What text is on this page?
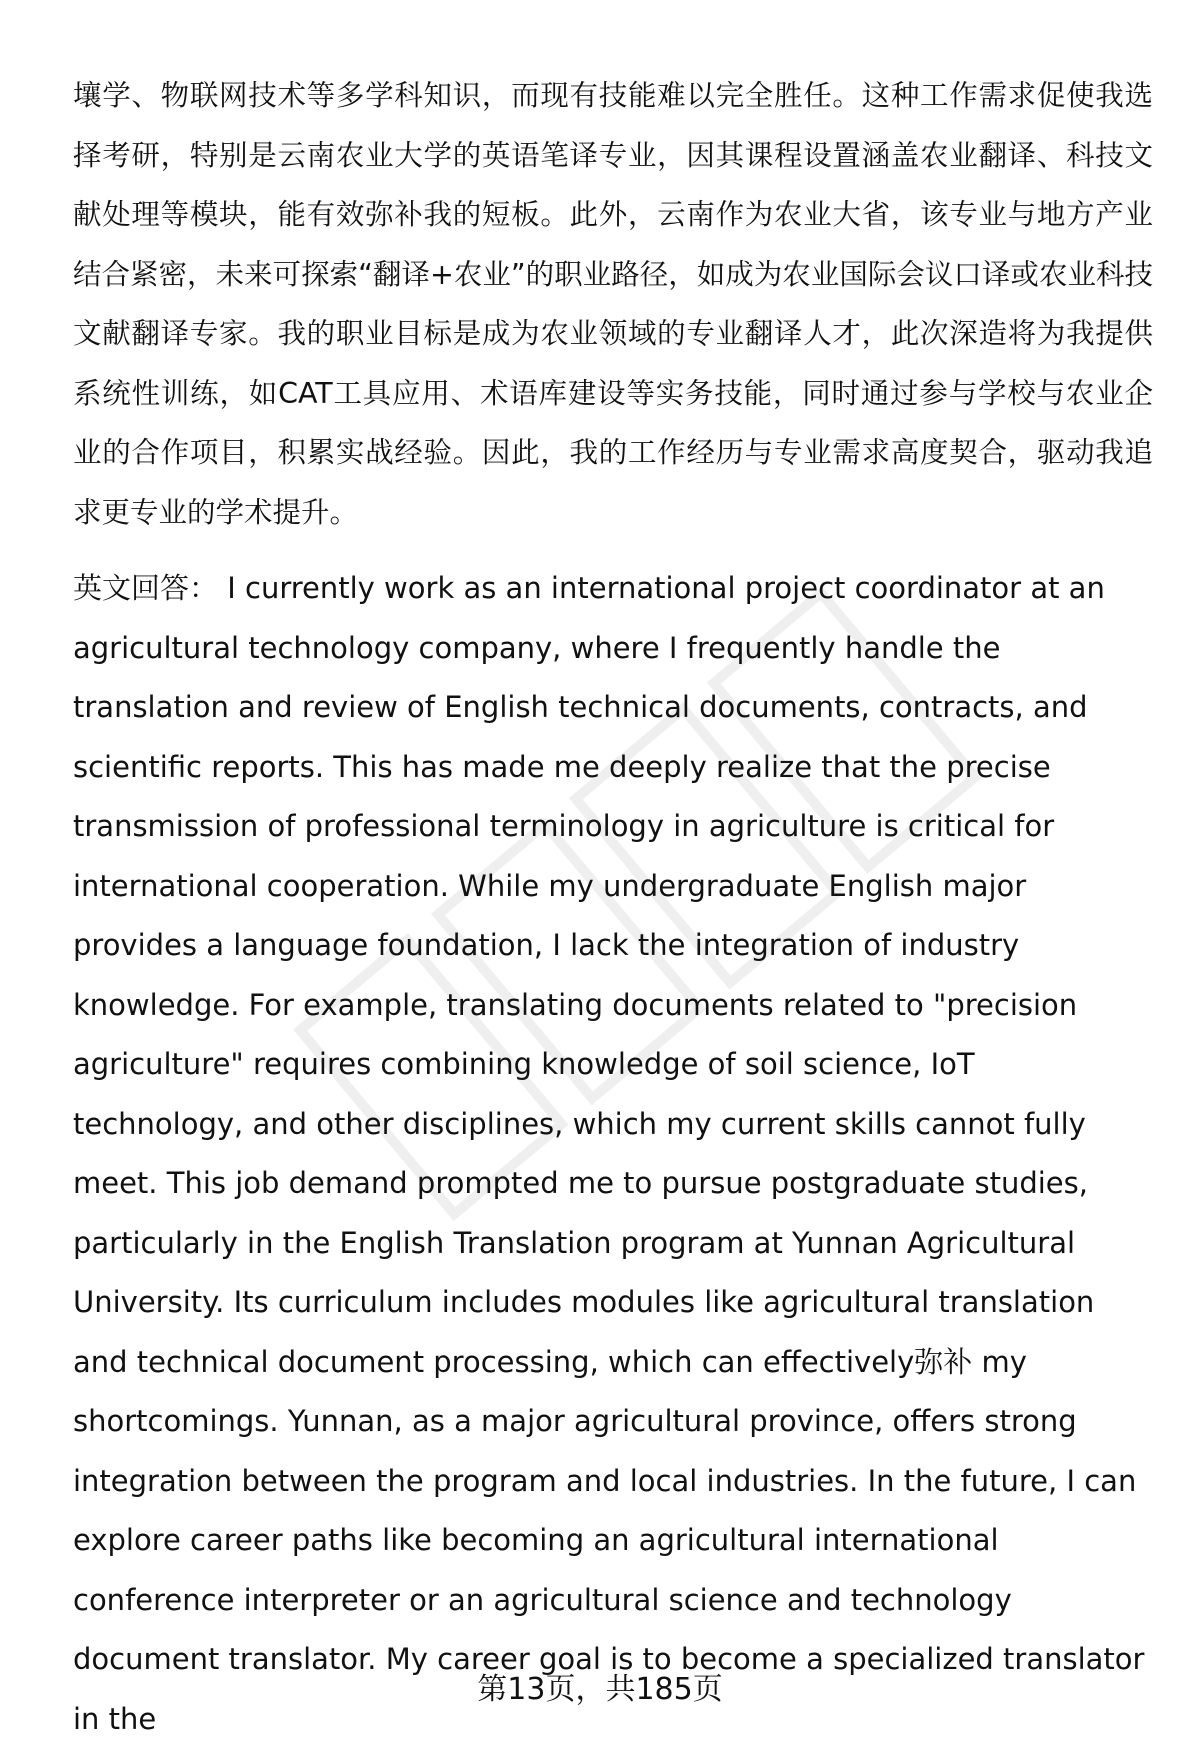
壤学、物联网技术等多学科知识，而现有技能难以完全胜任。这种工作需求促使我选择考研，特别是云南农业大学的英语笔译专业，因其课程设置涵盖农业翻译、科技文献处理等模块，能有效弥补我的短板。此外，云南作为农业大省，该专业与地方产业结合紧密，未来可探索“翻译+农业”的职业路径，如成为农业国际会议口译或农业科技文献翻译专家。我的职业目标是成为农业领域的专业翻译人才，此次深造将为我提供系统性训练，如CAT工具应用、术语库建设等实务技能，同时通过参与学校与农业企业的合作项目，积累实战经验。因此，我的工作经历与专业需求高度契合，驱动我追求更专业的学术提升。

英文回答： I currently work as an international project coordinator at an agricultural technology company, where I frequently handle the translation and review of English technical documents, contracts, and scientific reports. This has made me deeply realize that the precise transmission of professional terminology in agriculture is critical for international cooperation. While my undergraduate English major provides a language foundation, I lack the integration of industry knowledge. For example, translating documents related to "precision agriculture" requires combining knowledge of soil science, IoT technology, and other disciplines, which my current skills cannot fully meet. This job demand prompted me to pursue postgraduate studies, particularly in the English Translation program at Yunnan Agricultural University. Its curriculum includes modules like agricultural translation and technical document processing, which can effectively弥补 my shortcomings. Yunnan, as a major agricultural province, offers strong integration between the program and local industries. In the future, I can explore career paths like becoming an agricultural international conference interpreter or an agricultural science and technology document translator. My career goal is to become a specialized translator in the

第13页，共185页
